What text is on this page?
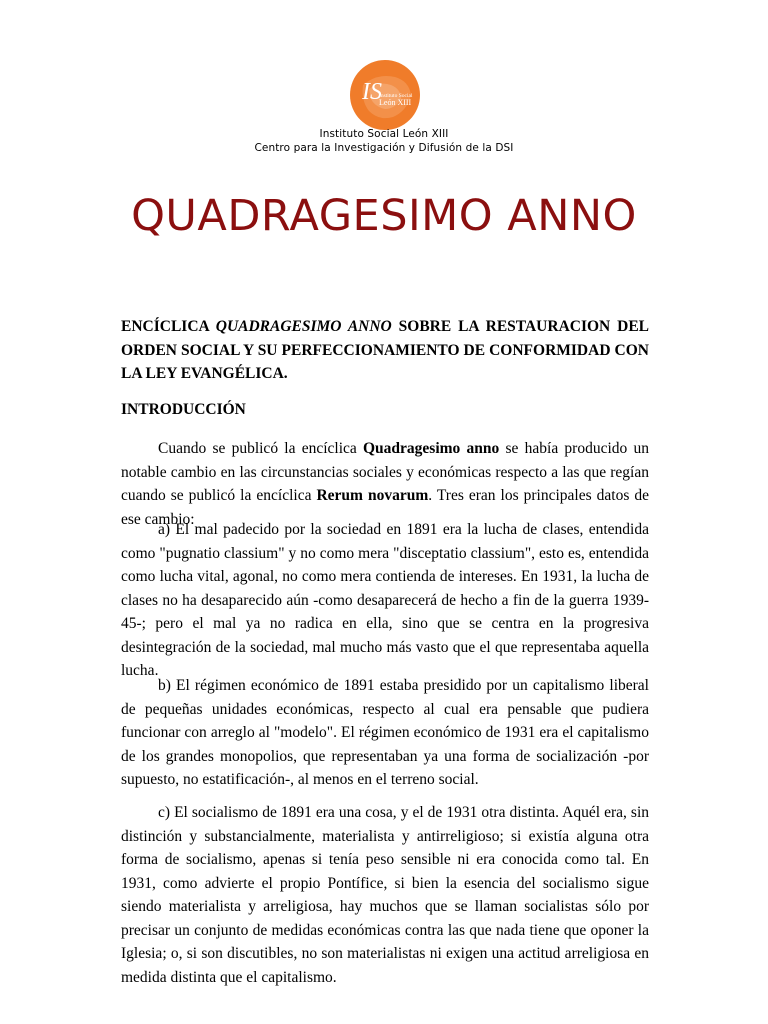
IS
Instituto Social
León XIII
Instituto Social León XIII
Centro para la Investigación y Difusión de la DSI
QUADRAGESIMO ANNO

ENCÍCLICA QUADRAGESIMO ANNO SOBRE LA RESTAURACION DEL ORDEN SOCIAL Y SU PERFECCIONAMIENTO DE CONFORMIDAD CON LA LEY EVANGÉLICA.

INTRODUCCIÓN

Cuando se publicó la encíclica Quadragesimo anno se había producido un notable cambio en las circunstancias sociales y económicas respecto a las que regían cuando se publicó la encíclica Rerum novarum. Tres eran los principales datos de ese cambio:

a) El mal padecido por la sociedad en 1891 era la lucha de clases, entendida como "pugnatio classium" y no como mera "disceptatio classium", esto es, entendida como lucha vital, agonal, no como mera contienda de intereses. En 1931, la lucha de clases no ha desaparecido aún -como desaparecerá de hecho a fin de la guerra 1939-45-; pero el mal ya no radica en ella, sino que se centra en la progresiva desintegración de la sociedad, mal mucho más vasto que el que representaba aquella lucha.

b) El régimen económico de 1891 estaba presidido por un capitalismo liberal de pequeñas unidades económicas, respecto al cual era pensable que pudiera funcionar con arreglo al "modelo". El régimen económico de 1931 era el capitalismo de los grandes monopolios, que representaban ya una forma de socialización -por supuesto, no estatificación-, al menos en el terreno social.

c) El socialismo de 1891 era una cosa, y el de 1931 otra distinta. Aquél era, sin distinción y substancialmente, materialista y antirreligioso; si existía alguna otra forma de socialismo, apenas si tenía peso sensible ni era conocida como tal. En 1931, como advierte el propio Pontífice, si bien la esencia del socialismo sigue siendo materialista y arreligiosa, hay muchos que se llaman socialistas sólo por precisar un conjunto de medidas económicas contra las que nada tiene que oponer la Iglesia; o, si son discutibles, no son materialistas ni exigen una actitud arreligiosa en medida distinta que el capitalismo.
